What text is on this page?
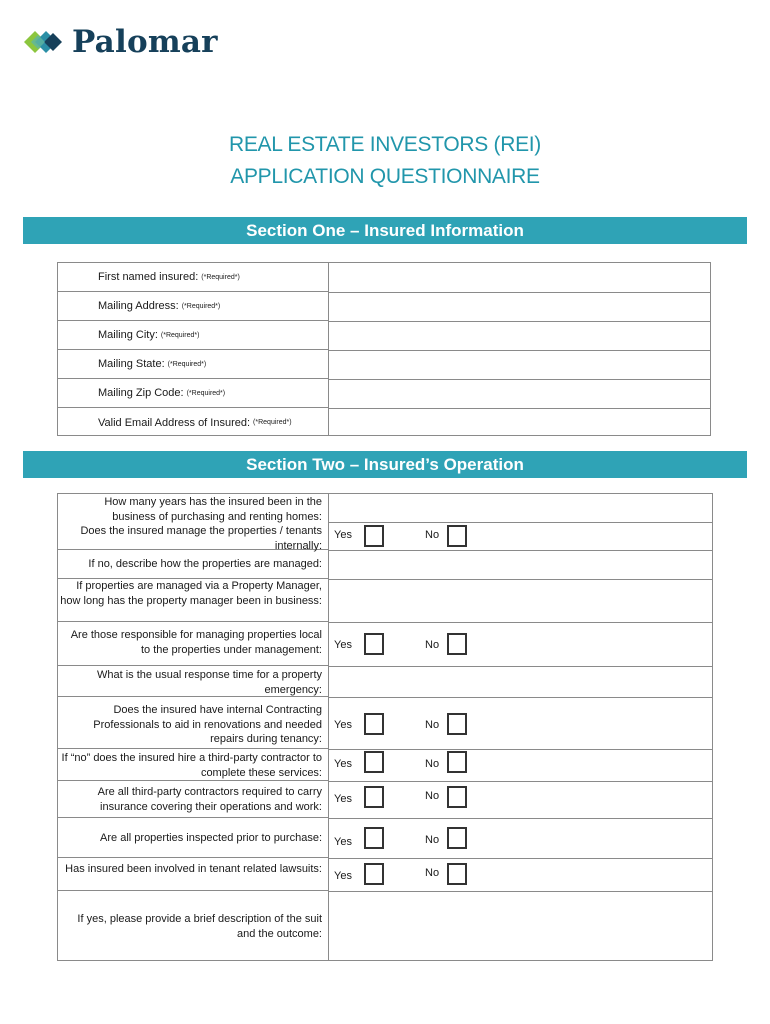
Palomar
REAL ESTATE INVESTORS (REI)
APPLICATION QUESTIONNAIRE
Section One – Insured Information
First named insured: (*Required*)
Mailing Address: (*Required*)
Mailing City: (*Required*)
Mailing State: (*Required*)
Mailing Zip Code: (*Required*)
Valid Email Address of Insured: (*Required*)
Section Two – Insured’s Operation
How many years has the insured been in the business of purchasing and renting homes:
Does the insured manage the properties / tenants internally:
Yes	No
If no, describe how the properties are managed:
If properties are managed via a Property Manager, how long has the property manager been in business:
Are those responsible for managing properties local to the properties under management: Yes	No
What is the usual response time for a property emergency:
Does the insured have internal Contracting Professionals to aid in renovations and needed repairs during tenancy:
Yes	No
If “no” does the insured hire a third-party contractor to complete these services:
Yes	No
Are all third-party contractors required to carry insurance covering their operations and work:
Yes	No
Are all properties inspected prior to purchase: Yes	No
Has insured been involved in tenant related lawsuits:
Yes	No
If yes, please provide a brief description of the suit and the outcome:
